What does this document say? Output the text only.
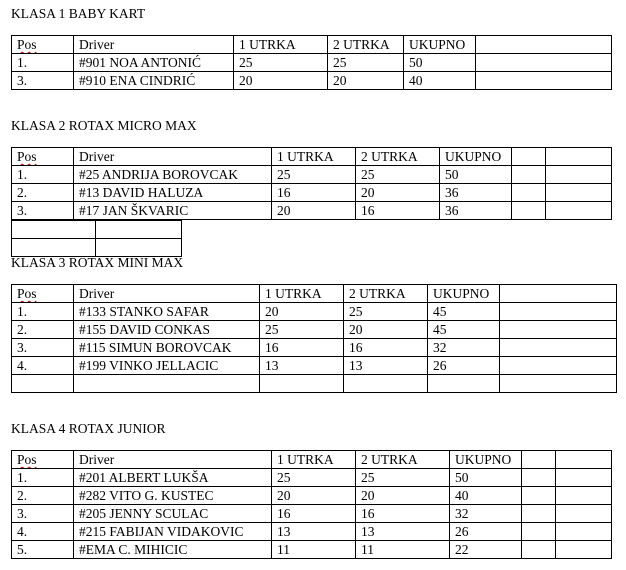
KLASA 1 BABY KART
Pos	Driver	1 UTRKA	2 UTRKA	UKUPNO	
1.	#901 NOA ANTONIĆ	25	25	50	
3.	#910 ENA CINDRIĆ	20	20	40	
KLASA 2 ROTAX MICRO MAX
Pos	Driver	1 UTRKA	2 UTRKA	UKUPNO		
1.	#25 ANDRIJA BOROVCAK	25	25	50		
2.	#13 DAVID HALUZA	16	20	36		
3.	#17 JAN ŠKVARIC	20	16	36		

KLASA 3 ROTAX MINI MAX
Pos	Driver	1 UTRKA	2 UTRKA	UKUPNO	
1.	#133 STANKO SAFAR	20	25	45	
2.	#155 DAVID CONKAS	25	20	45	
3.	#115 SIMUN BOROVCAK	16	16	32	
4.	#199 VINKO JELLACIC	13	13	26	

KLASA 4 ROTAX JUNIOR
Pos	Driver	1 UTRKA	2 UTRKA	UKUPNO		
1.	#201 ALBERT LUKŠA	25	25	50		
2.	#282 VITO G. KUSTEC	20	20	40		
3.	#205 JENNY SCULAC	16	16	32		
4.	#215 FABIJAN VIDAKOVIC	13	13	26		
5.	#EMA C. MIHICIC	11	11	22		
